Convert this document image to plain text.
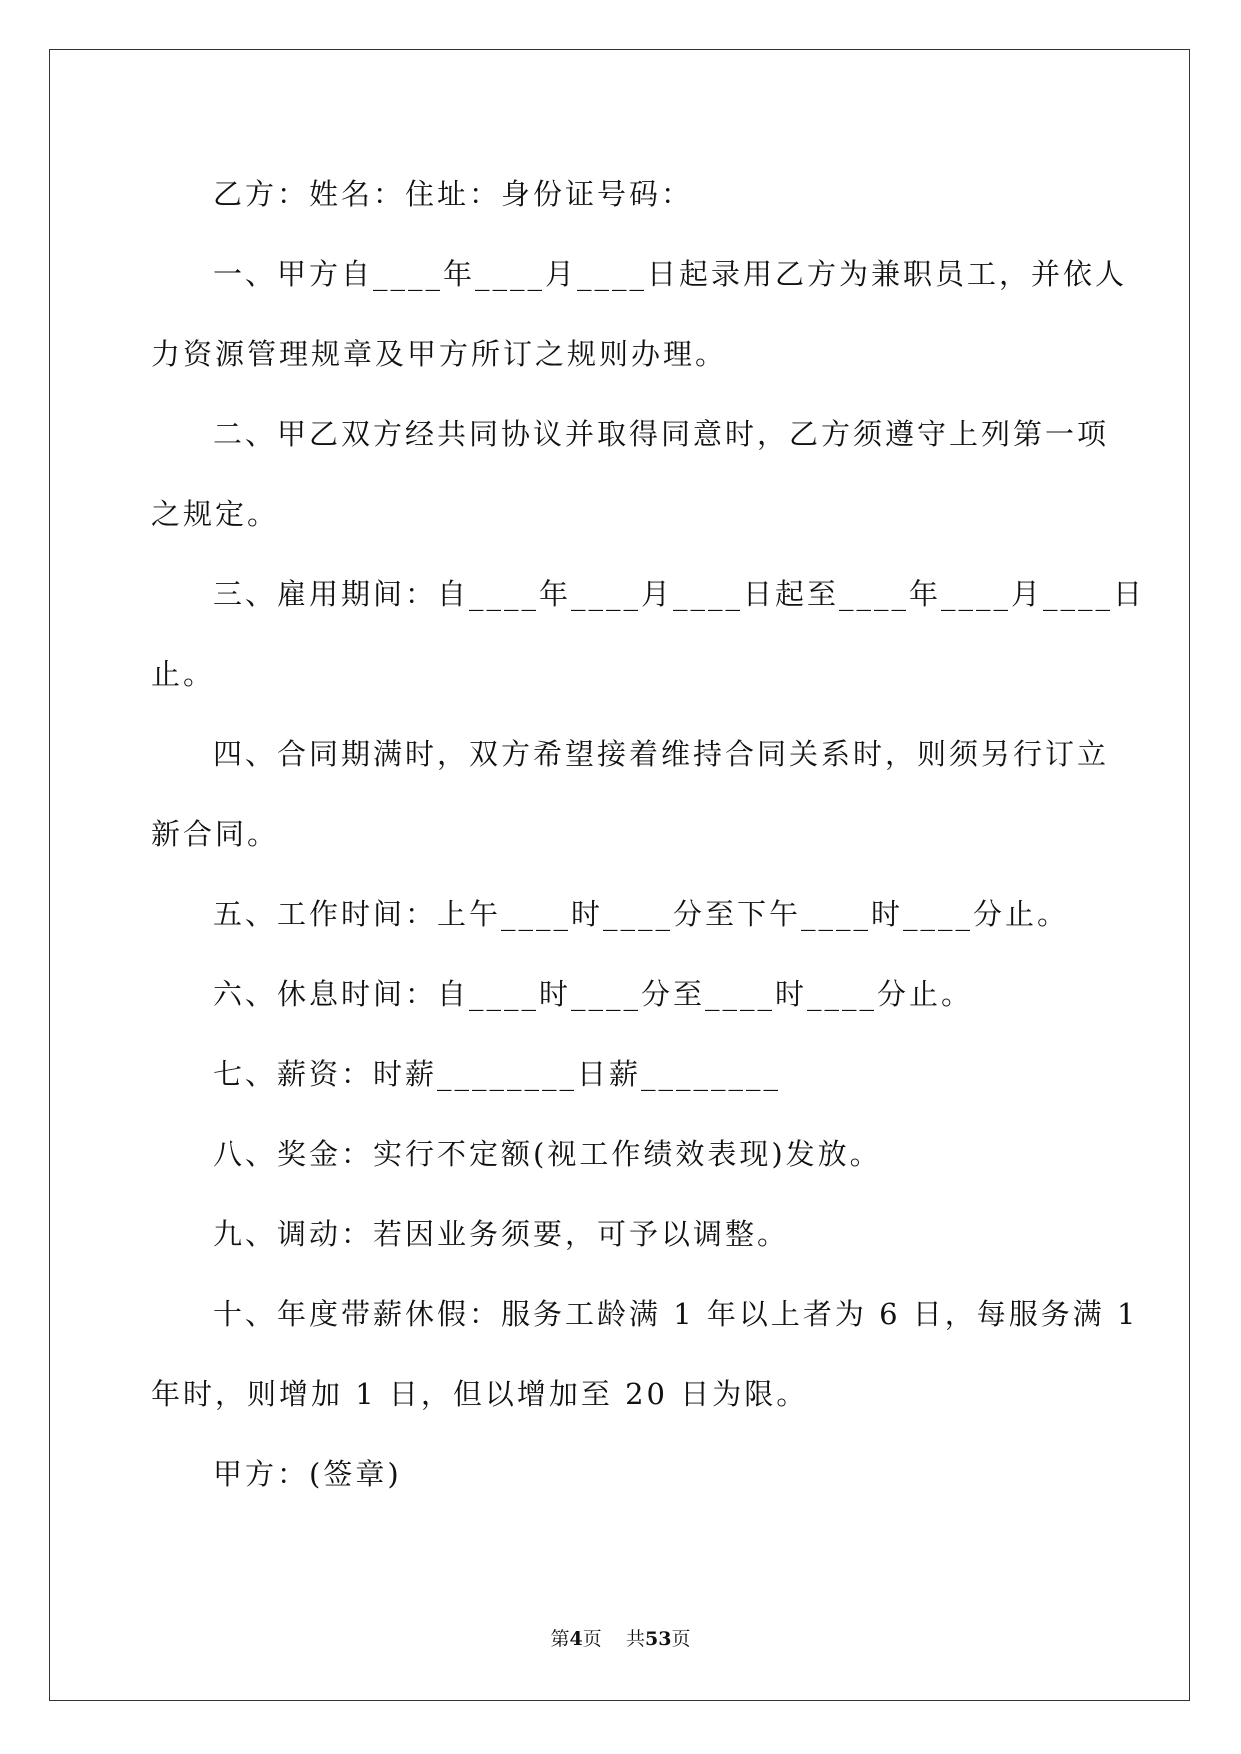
乙方：姓名：住址：身份证号码：
一、甲方自____年____月____日起录用乙方为兼职员工，并依人
力资源管理规章及甲方所订之规则办理。
二、甲乙双方经共同协议并取得同意时，乙方须遵守上列第一项
之规定。
三、雇用期间：自____年____月____日起至____年____月____日
止。
四、合同期满时，双方希望接着维持合同关系时，则须另行订立
新合同。
五、工作时间：上午____时____分至下午____时____分止。
六、休息时间：自____时____分至____时____分止。
七、薪资：时薪________日薪________
八、奖金：实行不定额(视工作绩效表现)发放。
九、调动：若因业务须要，可予以调整。
十、年度带薪休假：服务工龄满 1 年以上者为 6 日，每服务满 1
年时，则增加 1 日，但以增加至 20 日为限。
甲方：(签章)
第4页 共53页
